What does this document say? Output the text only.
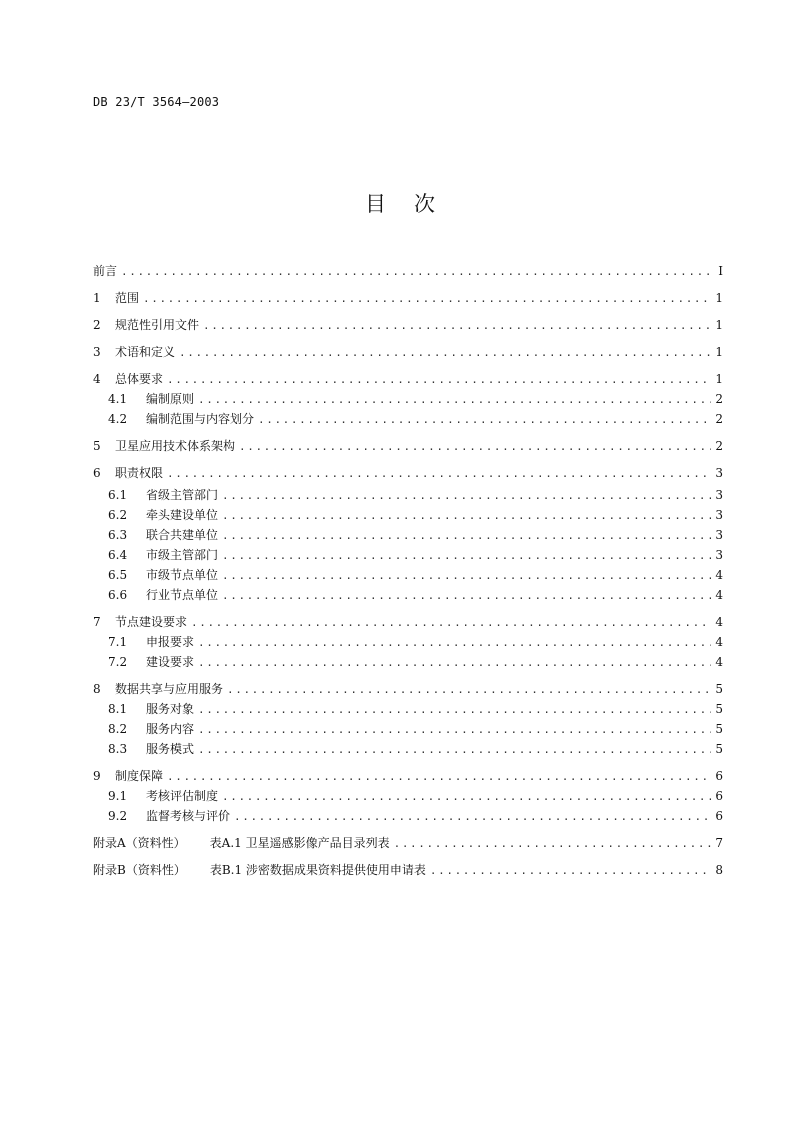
DB 23/T 3564—2003
目次
前言 .....	I
1	范围 .....	1
2	规范性引用文件 .....	1
3	术语和定义 .....	1
4	总体要求 .....	1
4.1	编制原则 .....	2
4.2	编制范围与内容划分 .....	2
5	卫星应用技术体系架构 .....	2
6	职责权限 .....	3
6.1	省级主管部门 .....	3
6.2	牵头建设单位 .....	3
6.3	联合共建单位 .....	3
6.4	市级主管部门 .....	3
6.5	市级节点单位 .....	4
6.6	行业节点单位 .....	4
7	节点建设要求 .....	4
7.1	申报要求 .....	4
7.2	建设要求 .....	4
8	数据共享与应用服务 .....	5
8.1	服务对象 .....	5
8.2	服务内容 .....	5
8.3	服务模式 .....	5
9	制度保障 .....	6
9.1	考核评估制度 .....	6
9.2	监督考核与评价 .....	6
附录A（资料性） 表A.1 卫星遥感影像产品目录列表 .....	7
附录B（资料性） 表B.1 涉密数据成果资料提供使用申请表 .....	8
